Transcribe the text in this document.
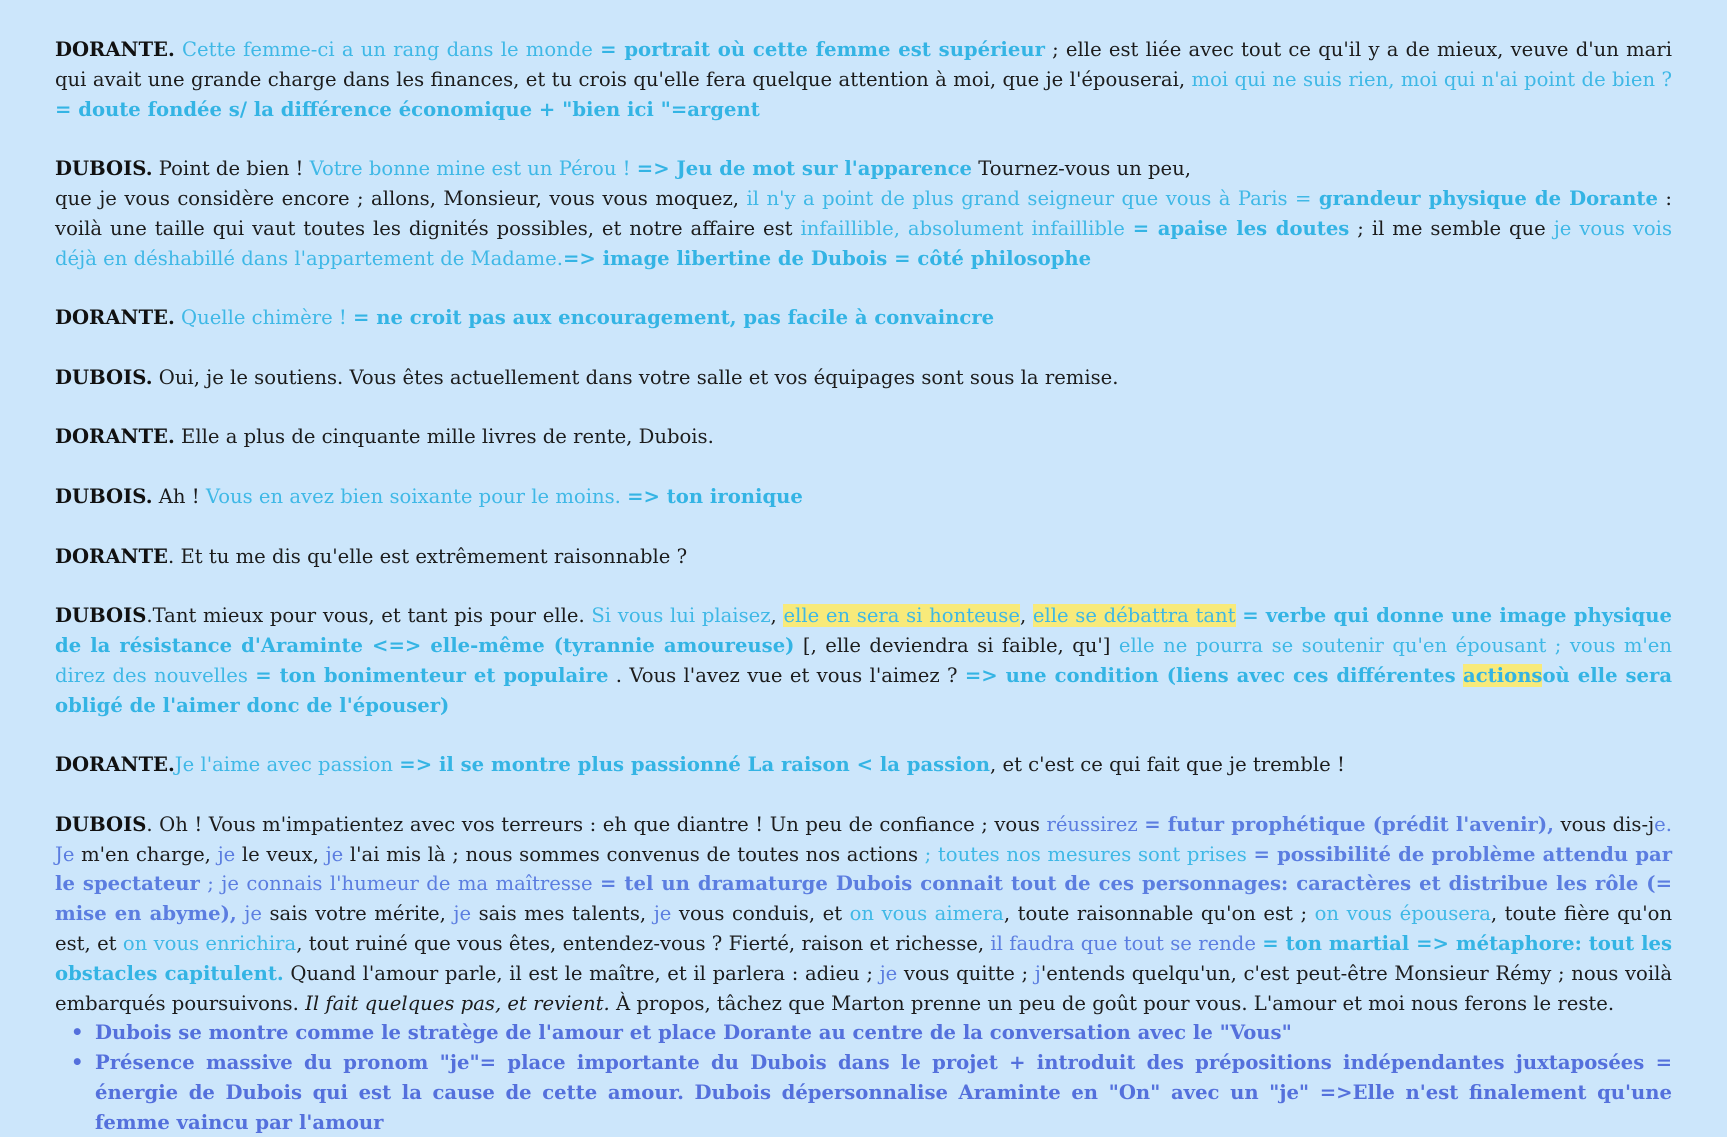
DORANTE. Cette femme-ci a un rang dans le monde = portrait où cette femme est supérieur ; elle est liée avec tout ce qu'il y a de mieux, veuve d'un mari qui avait une grande charge dans les finances, et tu crois qu'elle fera quelque attention à moi, que je l'épouserai, moi qui ne suis rien, moi qui n'ai point de bien ? = doute fondée s/ la différence économique + "bien ici "=argent

DUBOIS. Point de bien ! Votre bonne mine est un Pérou ! => Jeu de mot sur l'apparence Tournez-vous un peu,
que je vous considère encore ; allons, Monsieur, vous vous moquez, il n'y a point de plus grand seigneur que vous à Paris = grandeur physique de Dorante : voilà une taille qui vaut toutes les dignités possibles, et notre affaire est infaillible, absolument infaillible = apaise les doutes ; il me semble que je vous vois déjà en déshabillé dans l'appartement de Madame.=> image libertine de Dubois = côté philosophe

DORANTE. Quelle chimère ! = ne croit pas aux encouragement, pas facile à convaincre

DUBOIS. Oui, je le soutiens. Vous êtes actuellement dans votre salle et vos équipages sont sous la remise.

DORANTE. Elle a plus de cinquante mille livres de rente, Dubois.

DUBOIS. Ah ! Vous en avez bien soixante pour le moins. => ton ironique

DORANTE. Et tu me dis qu'elle est extrêmement raisonnable ?

DUBOIS.Tant mieux pour vous, et tant pis pour elle. Si vous lui plaisez, elle en sera si honteuse, elle se débattra tant = verbe qui donne une image physique de la résistance d'Araminte <=> elle-même (tyrannie amoureuse) [, elle deviendra si faible, qu'] elle ne pourra se soutenir qu'en épousant ; vous m'en direz des nouvelles = ton bonimenteur et populaire . Vous l'avez vue et vous l'aimez ? => une condition (liens avec ces différentes actionsoù elle sera obligé de l'aimer donc de l'épouser)

DORANTE.Je l'aime avec passion => il se montre plus passionné La raison < la passion, et c'est ce qui fait que je tremble !

DUBOIS. Oh ! Vous m'impatientez avec vos terreurs : eh que diantre ! Un peu de confiance ; vous réussirez = futur prophétique (prédit l'avenir), vous dis-je. Je m'en charge, je le veux, je l'ai mis là ; nous sommes convenus de toutes nos actions ; toutes nos mesures sont prises = possibilité de problème attendu par le spectateur ; je connais l'humeur de ma maîtresse = tel un dramaturge Dubois connait tout de ces personnages: caractères et distribue les rôle (= mise en abyme), je sais votre mérite, je sais mes talents, je vous conduis, et on vous aimera, toute raisonnable qu'on est ; on vous épousera, toute fière qu'on est, et on vous enrichira, tout ruiné que vous êtes, entendez-vous ? Fierté, raison et richesse, il faudra que tout se rende = ton martial => métaphore: tout les obstacles capitulent. Quand l'amour parle, il est le maître, et il parlera : adieu ; je vous quitte ; j'entends quelqu'un, c'est peut-être Monsieur Rémy ; nous voilà embarqués poursuivons. Il fait quelques pas, et revient. À propos, tâchez que Marton prenne un peu de goût pour vous. L'amour et moi nous ferons le reste.

• Dubois se montre comme le stratège de l'amour et place Dorante au centre de la conversation avec le "Vous"
• Présence massive du pronom "je"= place importante du Dubois dans le projet + introduit des prépositions indépendantes juxtaposées = énergie de Dubois qui est la cause de cette amour. Dubois dépersonnalise Araminte en "On" avec un "je" =>Elle n'est finalement qu'une femme vaincu par l'amour
